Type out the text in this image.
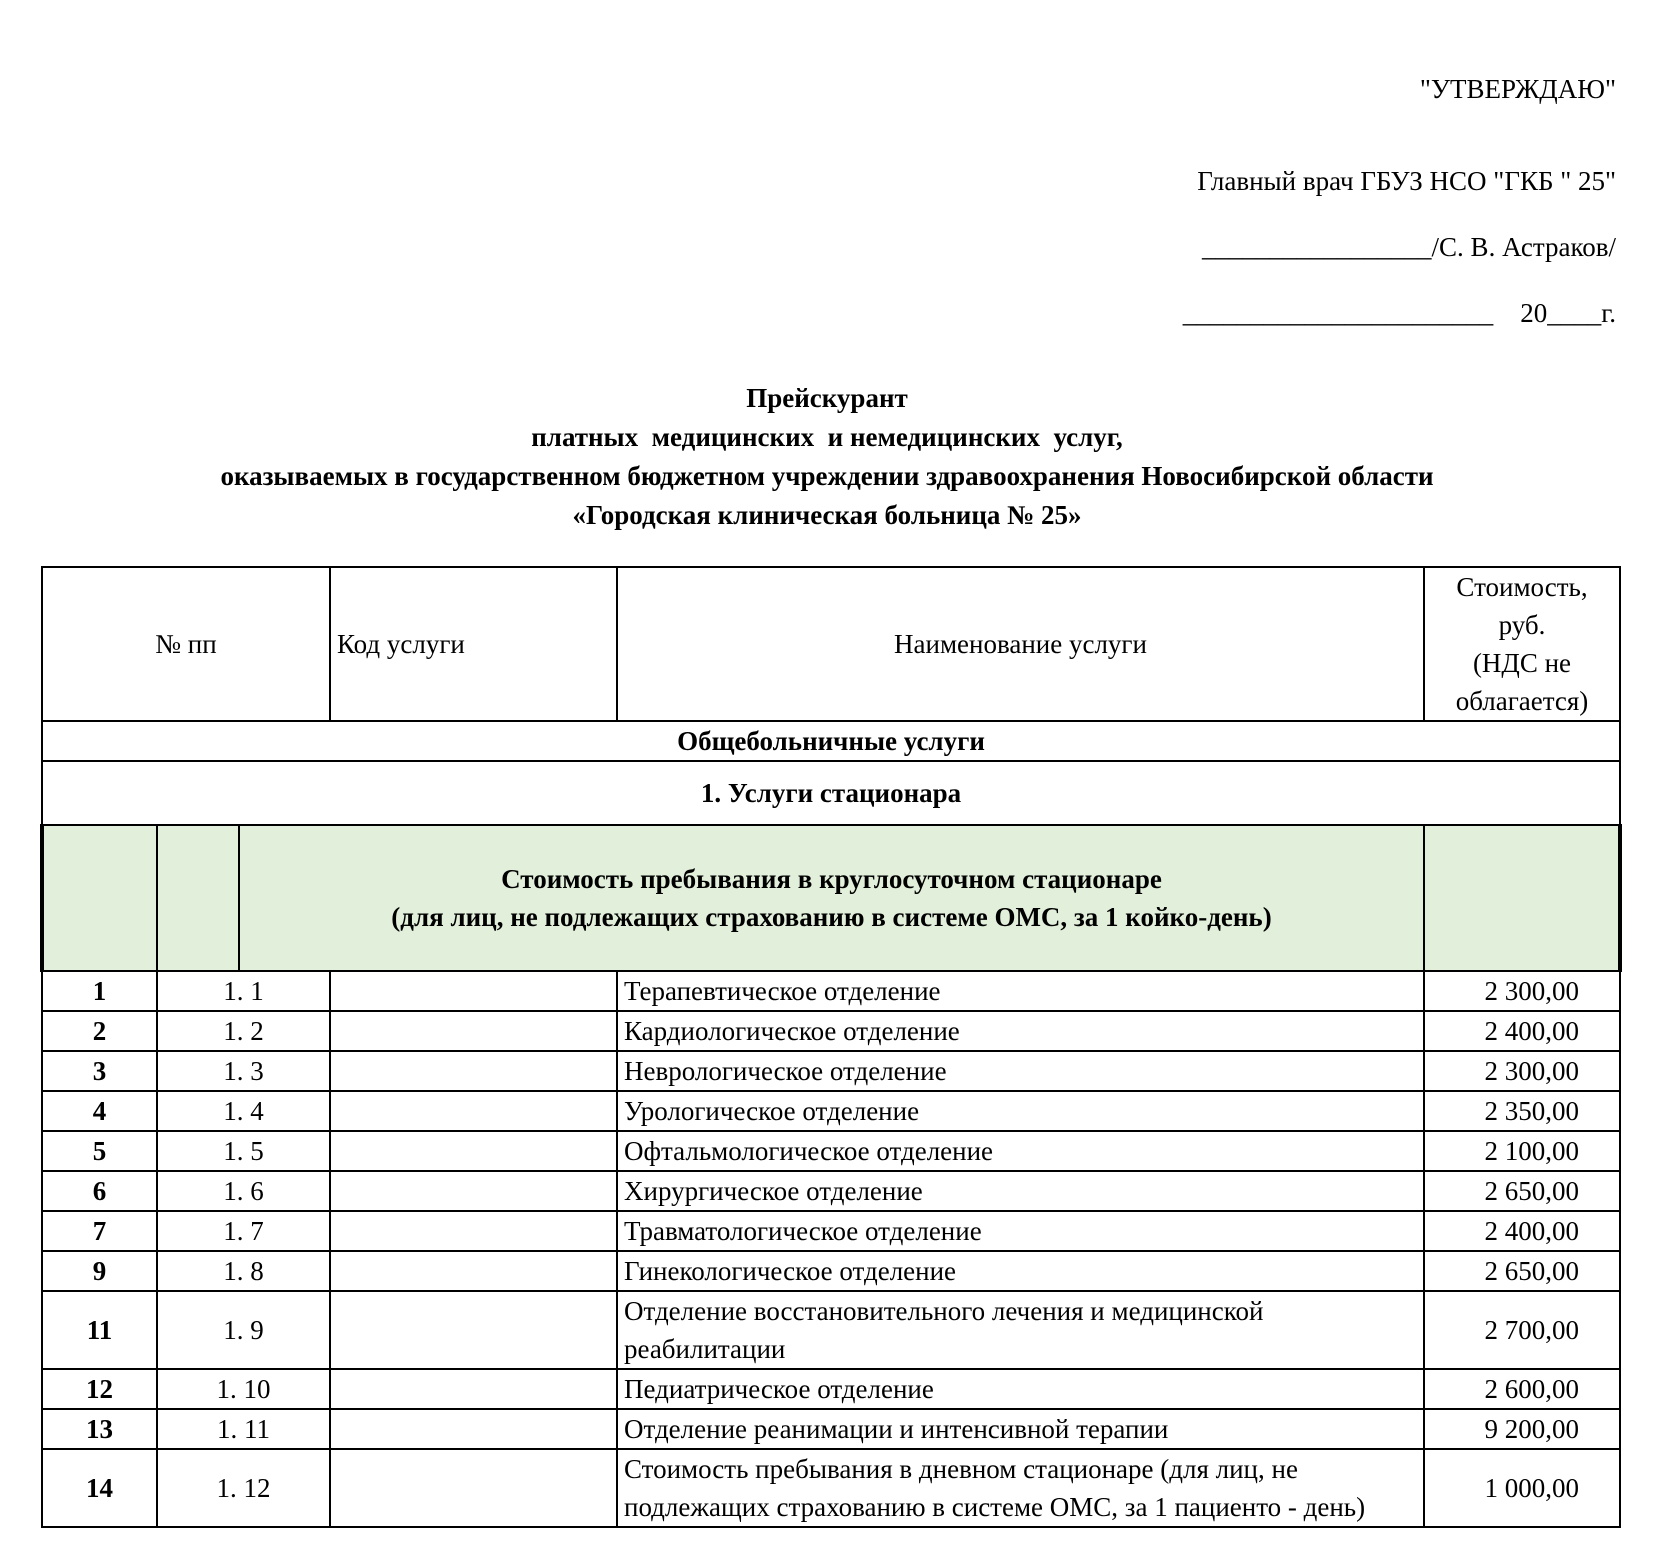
"УТВЕРЖДАЮ"
Главный врач ГБУЗ НСО "ГКБ " 25"
_________________/С. В. Астраков/
_______________________    20____г.
Прейскурант
платных  медицинских  и немедицинских  услуг,
оказываемых в государственном бюджетном учреждении здравоохранения Новосибирской области
«Городская клиническая больница № 25»
№ пп			Код услуги	Наименование услуги	Стоимость,
руб.
(НДС не
облагается)

Общебольничные услуги					
1. Услуги стационара					

		Стоимость пребывания в круглосуточном стационаре
(для лиц, не подлежащих страхованию в системе ОМС, за 1 койко-день)			

1	1. 1			Терапевтическое отделение	2 300,00
2	1. 2			Кардиологическое отделение	2 400,00
3	1. 3			Неврологическое отделение	2 300,00
4	1. 4			Урологическое отделение	2 350,00
5	1. 5			Офтальмологическое отделение	2 100,00
6	1. 6			Хирургическое отделение	2 650,00
7	1. 7			Травматологическое отделение	2 400,00
9	1. 8			Гинекологическое отделение	2 650,00
11	1. 9			Отделение восстановительного лечения и медицинской реабилитации	2 700,00
12	1. 10			Педиатрическое отделение	2 600,00
13	1. 11			Отделение реанимации и интенсивной терапии	9 200,00
14	1. 12			Стоимость пребывания в дневном стационаре (для лиц, не подлежащих страхованию в системе ОМС, за 1 пациенто - день)	1 000,00
